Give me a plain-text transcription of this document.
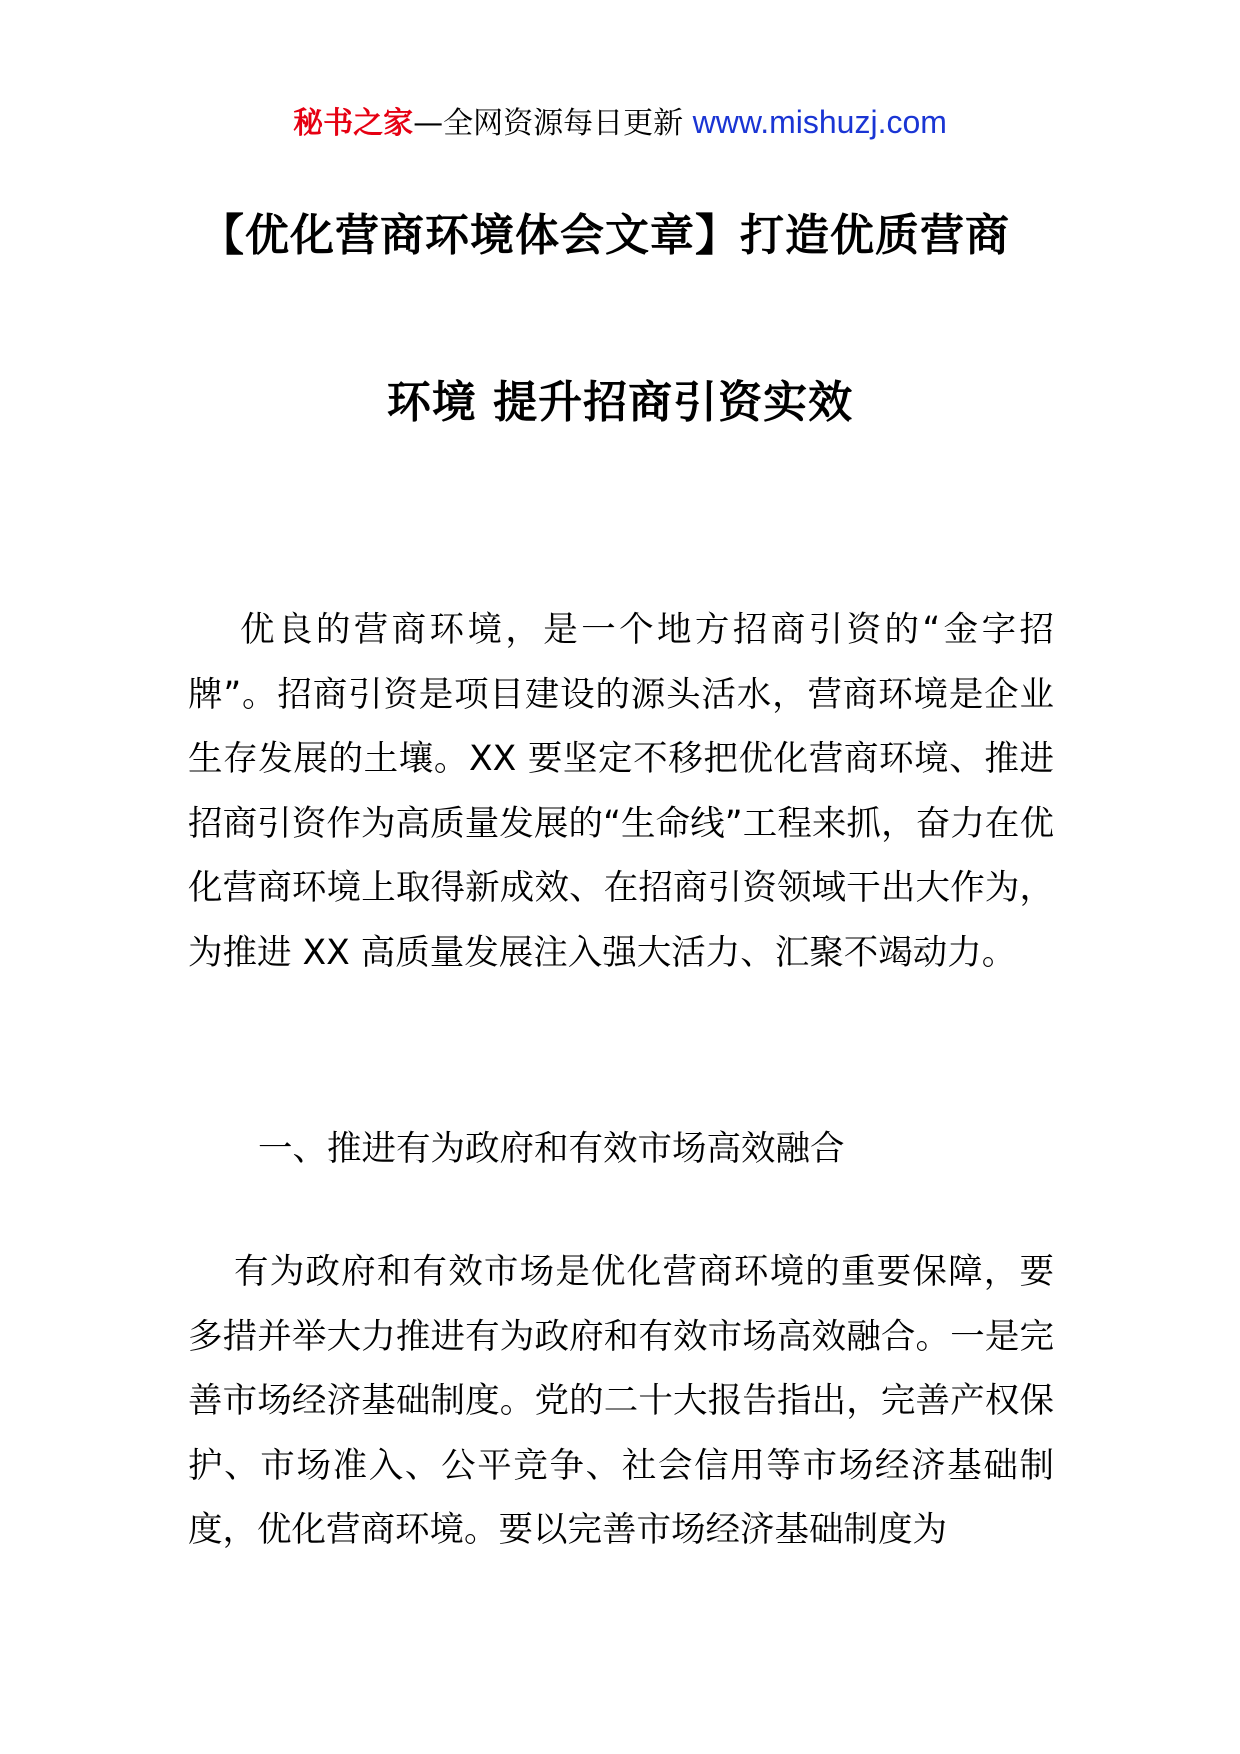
秘书之家—全网资源每日更新 www.mishuzj.com
【优化营商环境体会文章】打造优质营商
环境 提升招商引资实效
优良的营商环境，是一个地方招商引资的“金字招牌”。招商引资是项目建设的源头活水，营商环境是企业生存发展的土壤。XX 要坚定不移把优化营商环境、推进招商引资作为高质量发展的“生命线”工程来抓，奋力在优化营商环境上取得新成效、在招商引资领域干出大作为，为推进 XX 高质量发展注入强大活力、汇聚不竭动力。
一、推进有为政府和有效市场高效融合
有为政府和有效市场是优化营商环境的重要保障，要多措并举大力推进有为政府和有效市场高效融合。一是完善市场经济基础制度。党的二十大报告指出，完善产权保护、市场准入、公平竞争、社会信用等市场经济基础制度，优化营商环境。要以完善市场经济基础制度为
